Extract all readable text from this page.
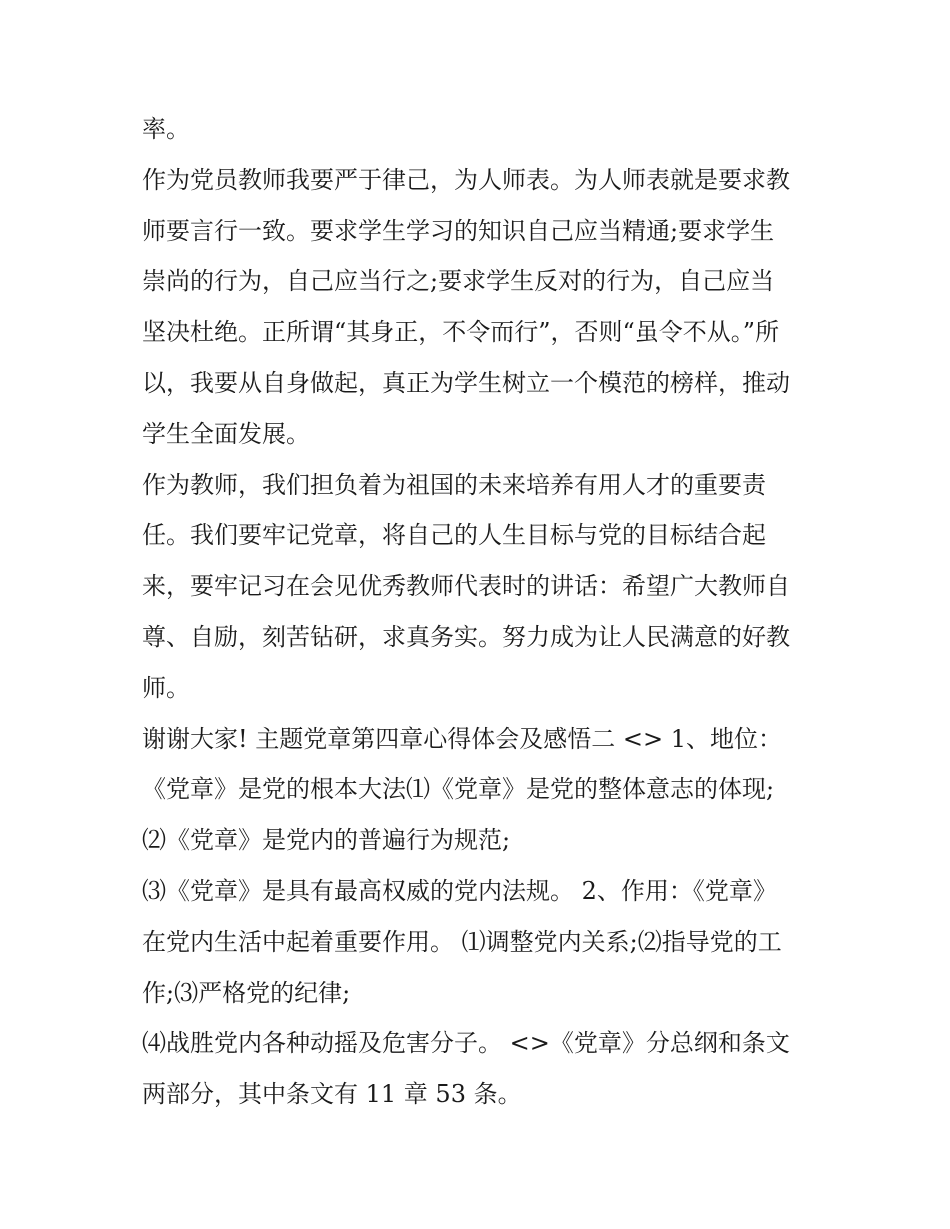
率。
作为党员教师我要严于律己，为人师表。为人师表就是要求教
师要言行一致。要求学生学习的知识自己应当精通;要求学生
崇尚的行为，自己应当行之;要求学生反对的行为，自己应当
坚决杜绝。正所谓“其身正，不令而行”，否则“虽令不从。”所
以，我要从自身做起，真正为学生树立一个模范的榜样，推动
学生全面发展。
作为教师，我们担负着为祖国的未来培养有用人才的重要责
任。我们要牢记党章，将自己的人生目标与党的目标结合起
来，要牢记习在会见优秀教师代表时的讲话：希望广大教师自
尊、自励，刻苦钻研，求真务实。努力成为让人民满意的好教
师。
谢谢大家! 主题党章第四章心得体会及感悟二 <> 1、地位：
《党章》是党的根本大法⑴《党章》是党的整体意志的体现;
⑵《党章》是党内的普遍行为规范;
⑶《党章》是具有最高权威的党内法规。 2、作用：《党章》
在党内生活中起着重要作用。 ⑴调整党内关系;⑵指导党的工
作;⑶严格党的纪律;
⑷战胜党内各种动摇及危害分子。 <>《党章》分总纲和条文
两部分，其中条文有 11 章 53 条。
